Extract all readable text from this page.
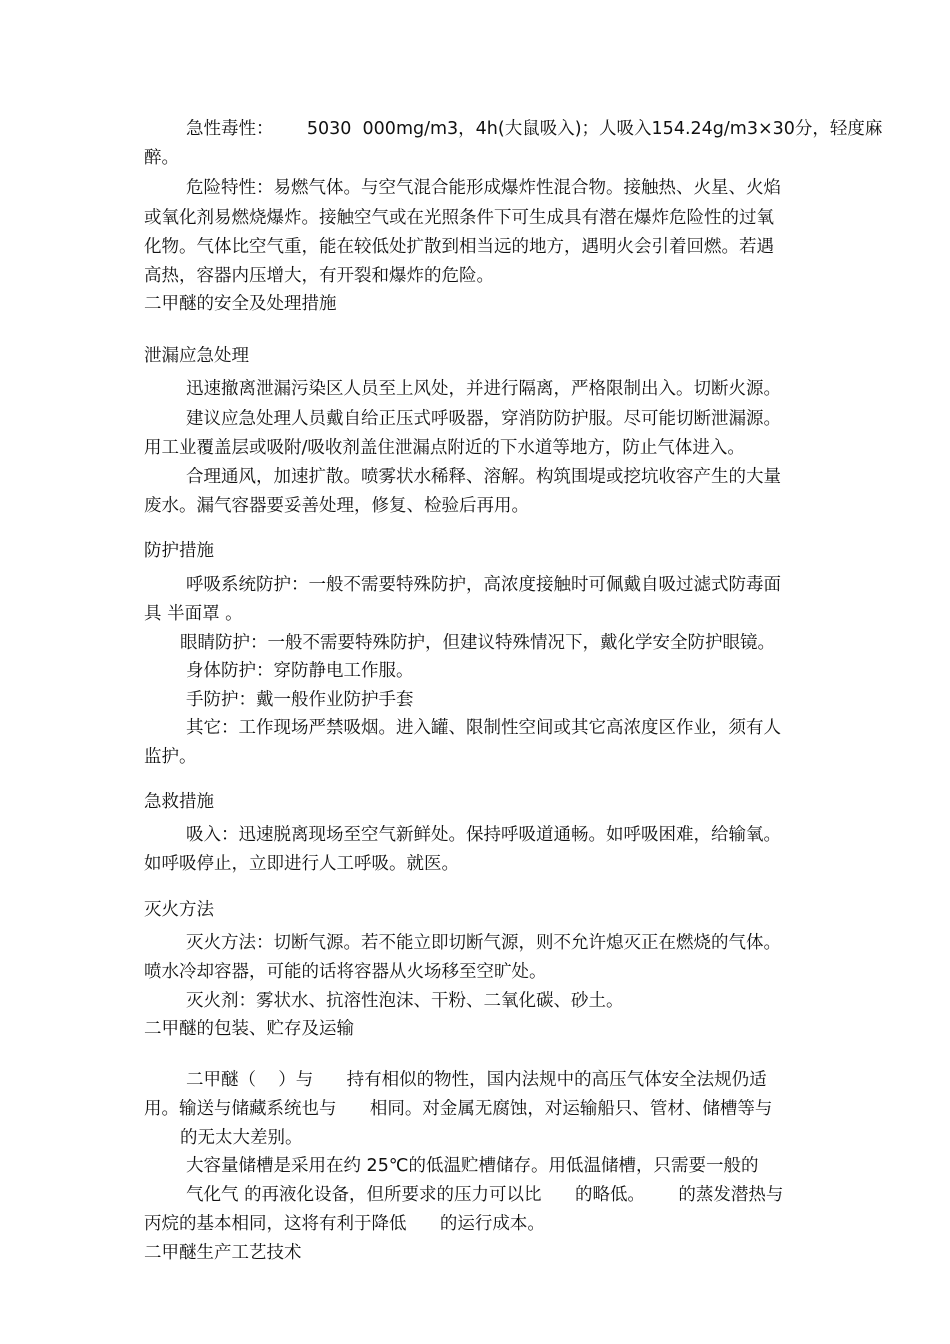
急性毒性：      5030  000mg/m3，4h(大鼠吸入)；人吸入154.24g/m3×30分，轻度麻

醉。

危险特性：易燃气体。与空气混合能形成爆炸性混合物。接触热、火星、火焰

或氧化剂易燃烧爆炸。接触空气或在光照条件下可生成具有潜在爆炸危险性的过氧

化物。气体比空气重，能在较低处扩散到相当远的地方，遇明火会引着回燃。若遇

高热，容器内压增大，有开裂和爆炸的危险。

二甲醚的安全及处理措施

泄漏应急处理

迅速撤离泄漏污染区人员至上风处，并进行隔离，严格限制出入。切断火源。

建议应急处理人员戴自给正压式呼吸器，穿消防防护服。尽可能切断泄漏源。

用工业覆盖层或吸附/吸收剂盖住泄漏点附近的下水道等地方，防止气体进入。

合理通风，加速扩散。喷雾状水稀释、溶解。构筑围堤或挖坑收容产生的大量

废水。漏气容器要妥善处理，修复、检验后再用。

防护措施

呼吸系统防护：一般不需要特殊防护，高浓度接触时可佩戴自吸过滤式防毒面

具 半面罩 。

眼睛防护：一般不需要特殊防护，但建议特殊情况下，戴化学安全防护眼镜。

身体防护：穿防静电工作服。

手防护：戴一般作业防护手套

其它：工作现场严禁吸烟。进入罐、限制性空间或其它高浓度区作业，须有人

监护。

急救措施

吸入：迅速脱离现场至空气新鲜处。保持呼吸道通畅。如呼吸困难，给输氧。

如呼吸停止，立即进行人工呼吸。就医。

灭火方法

灭火方法：切断气源。若不能立即切断气源，则不允许熄灭正在燃烧的气体。

喷水冷却容器，可能的话将容器从火场移至空旷处。

灭火剂：雾状水、抗溶性泡沫、干粉、二氧化碳、砂土。

二甲醚的包装、贮存及运输

二甲醚（    ）与      持有相似的物性，国内法规中的高压气体安全法规仍适

用。输送与储藏系统也与      相同。对金属无腐蚀，对运输船只、管材、储槽等与

的无太大差别。

大容量储槽是采用在约 25℃的低温贮槽储存。用低温储槽，只需要一般的

气化气 的再液化设备，但所要求的压力可以比      的略低。      的蒸发潜热与

丙烷的基本相同，这将有利于降低      的运行成本。

二甲醚生产工艺技术
